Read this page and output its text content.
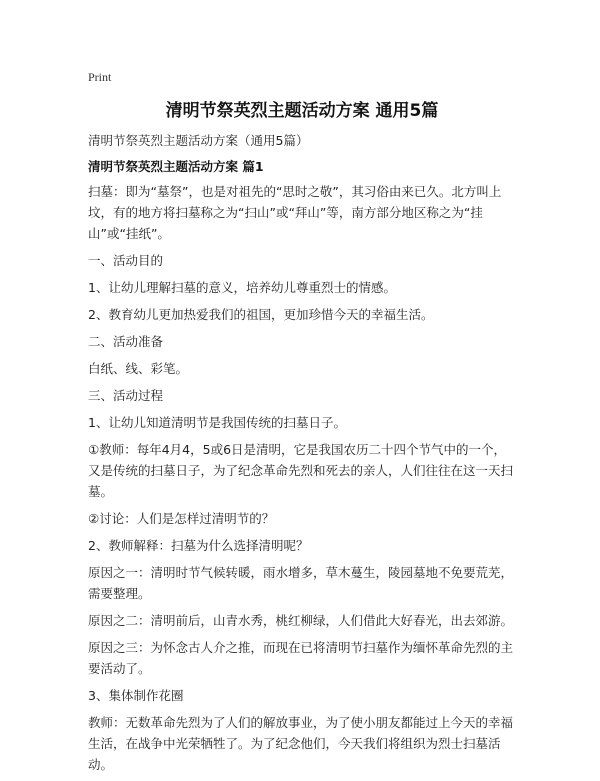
Print
清明节祭英烈主题活动方案 通用5篇

清明节祭英烈主题活动方案（通用5篇）

清明节祭英烈主题活动方案 篇1

扫墓：即为“墓祭”，也是对祖先的“思时之敬”，其习俗由来已久。北方叫上坟，有的地方将扫墓称之为“扫山”或“拜山”等，南方部分地区称之为“挂山”或“挂纸”。

一、活动目的

1、让幼儿理解扫墓的意义，培养幼儿尊重烈士的情感。

2、教育幼儿更加热爱我们的祖国，更加珍惜今天的幸福生活。

二、活动准备

白纸、线、彩笔。

三、活动过程

1、让幼儿知道清明节是我国传统的扫墓日子。

①教师：每年4月4，5或6日是清明，它是我国农历二十四个节气中的一个，又是传统的扫墓日子，为了纪念革命先烈和死去的亲人，人们往往在这一天扫墓。

②讨论：人们是怎样过清明节的？

2、教师解释：扫墓为什么选择清明呢？

原因之一：清明时节气候转暖，雨水增多，草木蔓生，陵园墓地不免要荒芜，需要整理。

原因之二：清明前后，山青水秀，桃红柳绿，人们借此大好春光，出去郊游。

原因之三：为怀念古人介之推，而现在已将清明节扫墓作为缅怀革命先烈的主要活动了。

3、集体制作花圈

教师：无数革命先烈为了人们的解放事业，为了使小朋友都能过上今天的幸福生活，在战争中光荣牺牲了。为了纪念他们，今天我们将组织为烈士扫墓活动。
